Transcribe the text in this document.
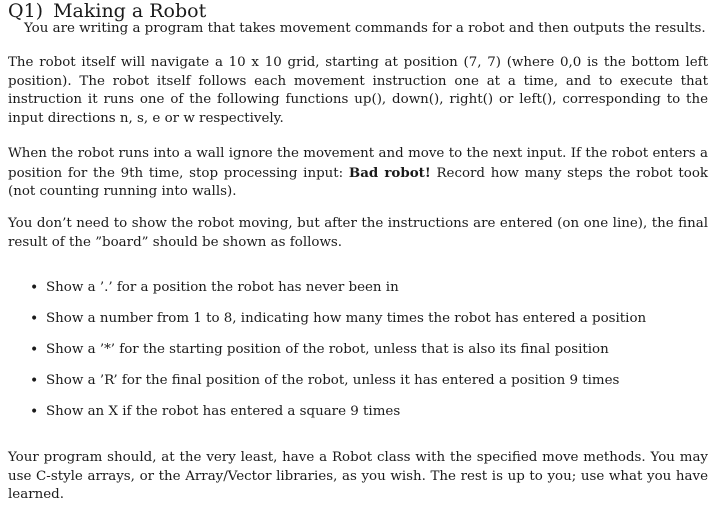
Q1) Making a Robot
You are writing a program that takes movement commands for a robot and then outputs the results.

The robot itself will navigate a 10 x 10 grid, starting at position (7, 7) (where 0,0 is the bottom left position). The robot itself follows each movement instruction one at a time, and to execute that instruction it runs one of the following functions up(), down(), right() or left(), corresponding to the input directions n, s, e or w respectively.

When the robot runs into a wall ignore the movement and move to the next input. If the robot enters a position for the 9th time, stop processing input: Bad robot! Record how many steps the robot took (not counting running into walls).

You don’t need to show the robot moving, but after the instructions are entered (on one line), the final result of the ”board” should be shown as follows.

• Show a ’.’ for a position the robot has never been in
• Show a number from 1 to 8, indicating how many times the robot has entered a position
• Show a ’*’ for the starting position of the robot, unless that is also its final position
• Show a ’R’ for the final position of the robot, unless it has entered a position 9 times
• Show an X if the robot has entered a square 9 times

Your program should, at the very least, have a Robot class with the specified move methods. You may use C-style arrays, or the Array/Vector libraries, as you wish. The rest is up to you; use what you have learned.
